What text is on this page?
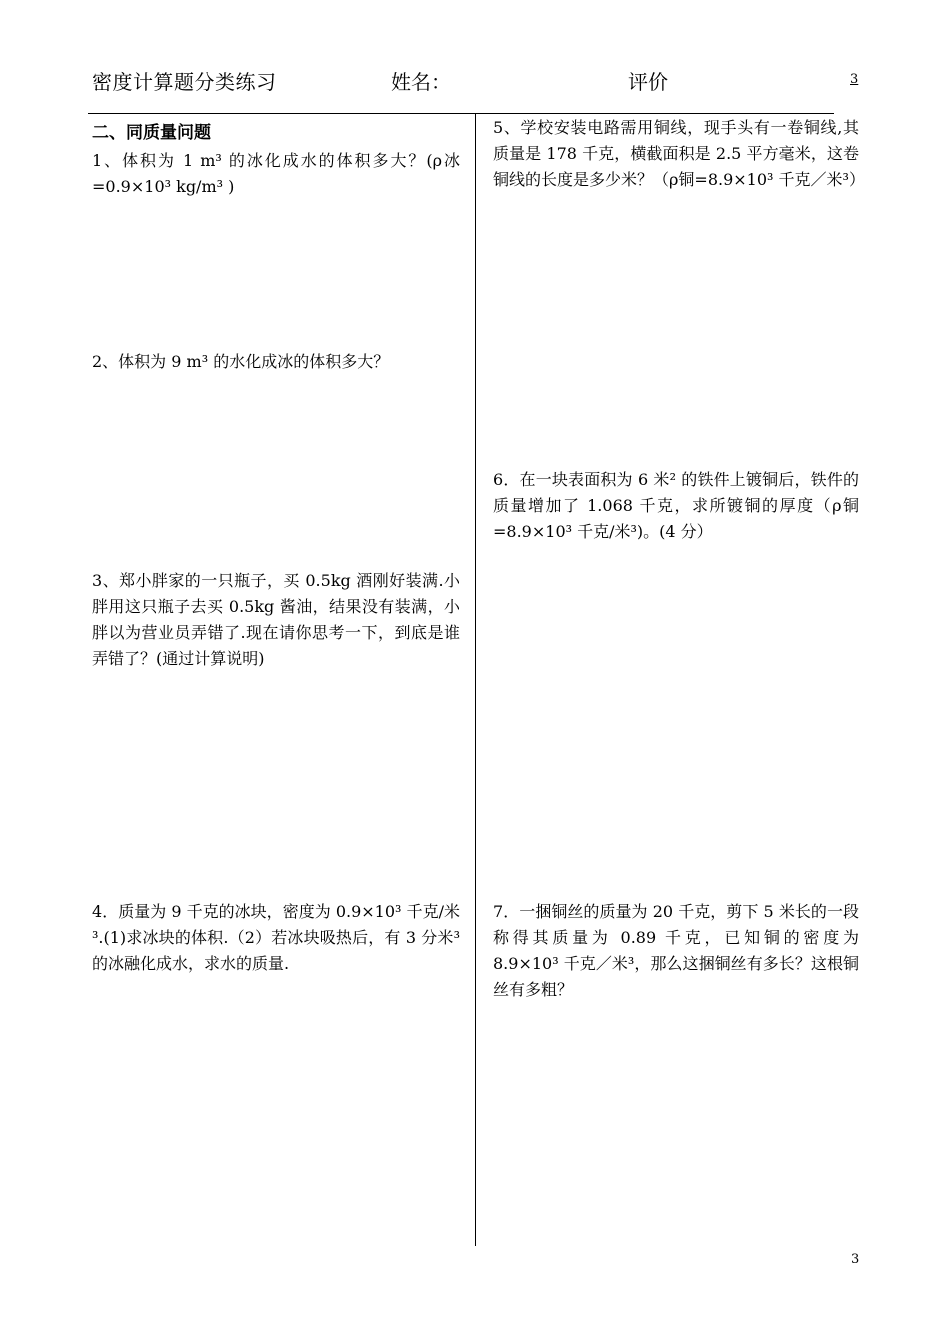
密度计算题分类练习	姓名：	评价	3
二、同质量问题
1、体积为 1 m³ 的冰化成水的体积多大？(ρ冰=0.9×10³ kg/m³ )
2、体积为 9 m³ 的水化成冰的体积多大？
3、郑小胖家的一只瓶子，买 0.5kg 酒刚好装满.小胖用这只瓶子去买 0.5kg 酱油，结果没有装满，小胖以为营业员弄错了.现在请你思考一下，到底是谁弄错了？(通过计算说明)
4．质量为 9 千克的冰块，密度为 0.9×10³ 千克/米³.(1)求冰块的体积.（2）若冰块吸热后，有 3 分米³ 的冰融化成水，求水的质量.
5、学校安装电路需用铜线，现手头有一卷铜线,其质量是 178 千克，横截面积是 2.5 平方毫米，这卷铜线的长度是多少米？（ρ铜=8.9×10³ 千克／米³）
6．在一块表面积为 6 米² 的铁件上镀铜后，铁件的质量增加了 1.068 千克，求所镀铜的厚度（ρ铜=8.9×10³ 千克/米³)。(4 分）
7．一捆铜丝的质量为 20 千克，剪下 5 米长的一段称得其质量为 0.89 千克，已知铜的密度为 8.9×10³ 千克／米³，那么这捆铜丝有多长？这根铜丝有多粗？
3
